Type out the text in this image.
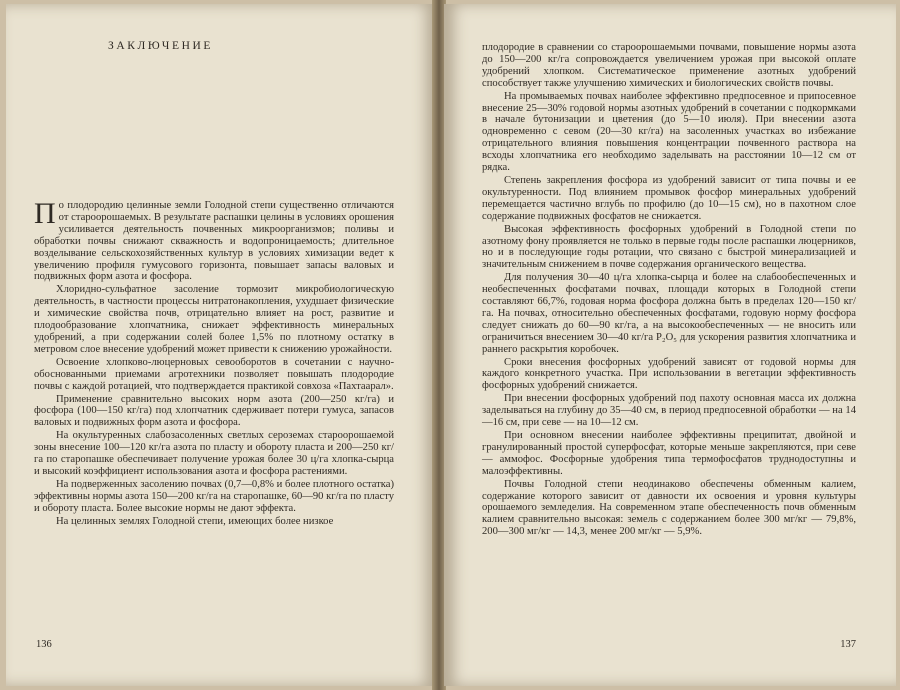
ЗАКЛЮЧЕНИЕ

По плодородию целинные земли Голодной степи существенно отличаются от староорошаемых. В результате распашки целины в условиях орошения усиливается деятельность почвенных микроорганизмов; поливы и обработки почвы снижают скважность и водопроницаемость; длительное возделывание сельскохозяйственных культур в условиях химизации ведет к увеличению профиля гумусового горизонта, повышает запасы валовых и подвижных форм азота и фосфора.

Хлоридно-сульфатное засоление тормозит микробиологическую деятельность, в частности процессы нитратонакопления, ухудшает физические и химические свойства почв, отрицательно влияет на рост, развитие и плодообразование хлопчатника, снижает эффективность минеральных удобрений, а при содержании солей более 1,5% по плотному остатку в метровом слое внесение удобрений может привести к снижению урожайности.

Освоение хлопково-люцерновых севооборотов в сочетании с научно-обоснованными приемами агротехники позволяет повышать плодородие почвы с каждой ротацией, что подтверждается практикой совхоза «Пахтаарал».

Применение сравнительно высоких норм азота (200—250 кг/га) и фосфора (100—150 кг/га) под хлопчатник сдерживает потери гумуса, запасов валовых и подвижных форм азота и фосфора.

На окультуренных слабозасоленных светлых сероземах староорошаемой зоны внесение 100—120 кг/га азота по пласту и обороту пласта и 200—250 кг/га по старопашке обеспечивает получение урожая более 30 ц/га хлопка-сырца и высокий коэффициент использования азота и фосфора растениями.

На подверженных засолению почвах (0,7—0,8% и более плотного остатка) эффективны нормы азота 150—200 кг/га на старопашке, 60—90 кг/га по пласту и обороту пласта. Более высокие нормы не дают эффекта.

На целинных землях Голодной степи, имеющих более низкое

136

плодородие в сравнении со староорошаемыми почвами, повышение нормы азота до 150—200 кг/га сопровождается увеличением урожая при высокой оплате удобрений хлопком. Систематическое применение азотных удобрений способствует также улучшению химических и биологических свойств почвы.

На промываемых почвах наиболее эффективно предпосевное и припосевное внесение 25—30% годовой нормы азотных удобрений в сочетании с подкормками в начале бутонизации и цветения (до 5—10 июля). При внесении азота одновременно с севом (20—30 кг/га) на засоленных участках во избежание отрицательного влияния повышения концентрации почвенного раствора на всходы хлопчатника его необходимо заделывать на расстоянии 10—12 см от рядка.

Степень закрепления фосфора из удобрений зависит от типа почвы и ее окультуренности. Под влиянием промывок фосфор минеральных удобрений перемещается частично вглубь по профилю (до 10—15 см), но в пахотном слое содержание подвижных фосфатов не снижается.

Высокая эффективность фосфорных удобрений в Голодной степи по азотному фону проявляется не только в первые годы после распашки люцерников, но и в последующие годы ротации, что связано с быстрой минерализацией и значительным снижением в почве содержания органического вещества.

Для получения 30—40 ц/га хлопка-сырца и более на слабообеспеченных и необеспеченных фосфатами почвах, площади которых в Голодной степи составляют 66,7%, годовая норма фосфора должна быть в пределах 120—150 кг/га. На почвах, относительно обеспеченных фосфатами, годовую норму фосфора следует снижать до 60—90 кг/га, а на высокообеспеченных — не вносить или ограничиться внесением 30—40 кг/га P₂O₅ для ускорения развития хлопчатника и раннего раскрытия коробочек.

Сроки внесения фосфорных удобрений зависят от годовой нормы для каждого конкретного участка. При использовании в вегетации эффективность фосфорных удобрений снижается.

При внесении фосфорных удобрений под пахоту основная масса их должна заделываться на глубину до 35—40 см, в период предпосевной обработки — на 14—16 см, при севе — на 10—12 см.

При основном внесении наиболее эффективны преципитат, двойной и гранулированный простой суперфосфат, которые меньше закрепляются, при севе — аммофос. Фосфорные удобрения типа термофосфатов труднодоступны и малоэффективны.

Почвы Голодной степи неодинаково обеспечены обменным калием, содержание которого зависит от давности их освоения и уровня культуры орошаемого земледелия. На современном этапе обеспеченность почв обменным калием сравнительно высокая: земель с содержанием более 300 мг/кг — 79,8%, 200—300 мг/кг — 14,3, менее 200 мг/кг — 5,9%.

137
